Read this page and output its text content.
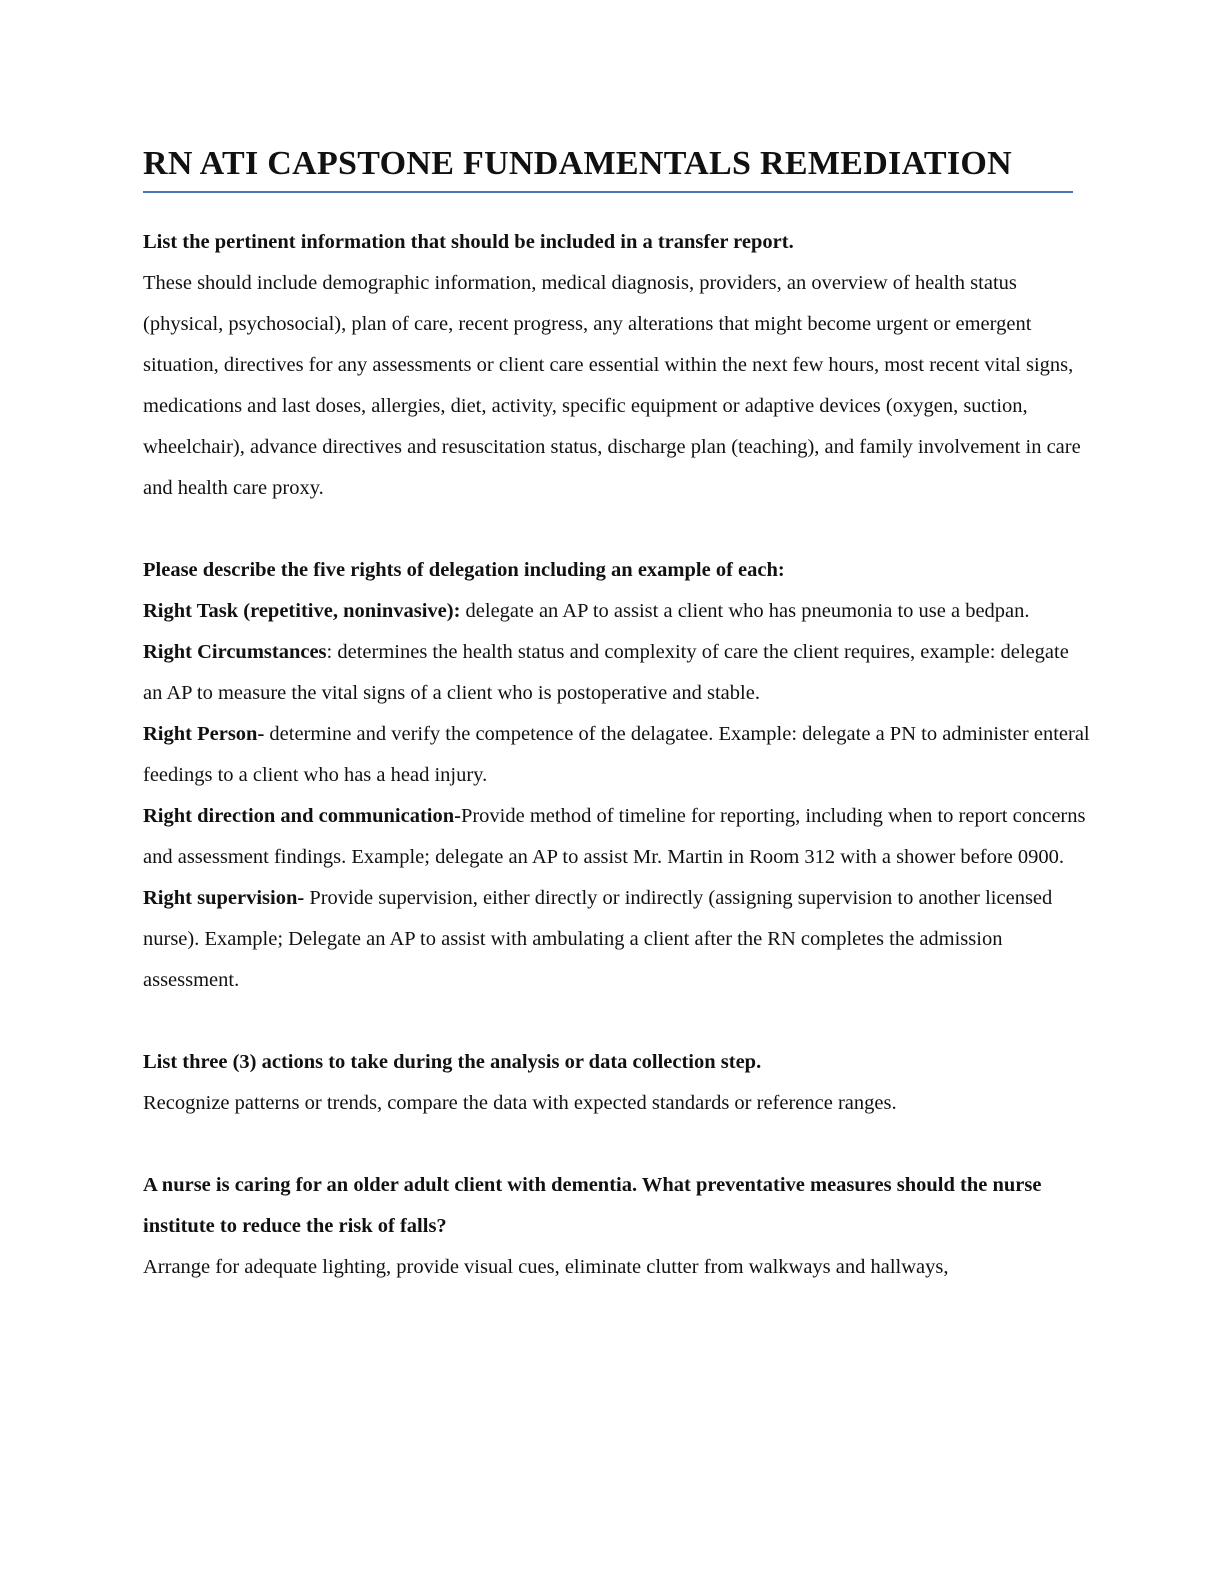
RN ATI CAPSTONE FUNDAMENTALS REMEDIATION

List the pertinent information that should be included in a transfer report.

These should include demographic information, medical diagnosis, providers, an overview of health status (physical, psychosocial), plan of care, recent progress, any alterations that might become urgent or emergent situation, directives for any assessments or client care essential within the next few hours, most recent vital signs, medications and last doses, allergies, diet, activity, specific equipment or adaptive devices (oxygen, suction, wheelchair), advance directives and resuscitation status, discharge plan (teaching), and family involvement in care and health care proxy.

Please describe the five rights of delegation including an example of each:

Right Task (repetitive, noninvasive): delegate an AP to assist a client who has pneumonia to use a bedpan.

Right Circumstances: determines the health status and complexity of care the client requires, example: delegate an AP to measure the vital signs of a client who is postoperative and stable.

Right Person- determine and verify the competence of the delagatee. Example: delegate a PN to administer enteral feedings to a client who has a head injury.

Right direction and communication-Provide method of timeline for reporting, including when to report concerns and assessment findings. Example; delegate an AP to assist Mr. Martin in Room 312 with a shower before 0900.

Right supervision- Provide supervision, either directly or indirectly (assigning supervision to another licensed nurse). Example; Delegate an AP to assist with ambulating a client after the RN completes the admission assessment.

List three (3) actions to take during the analysis or data collection step.

Recognize patterns or trends, compare the data with expected standards or reference ranges.

A nurse is caring for an older adult client with dementia. What preventative measures should the nurse institute to reduce the risk of falls?

Arrange for adequate lighting, provide visual cues, eliminate clutter from walkways and hallways,
